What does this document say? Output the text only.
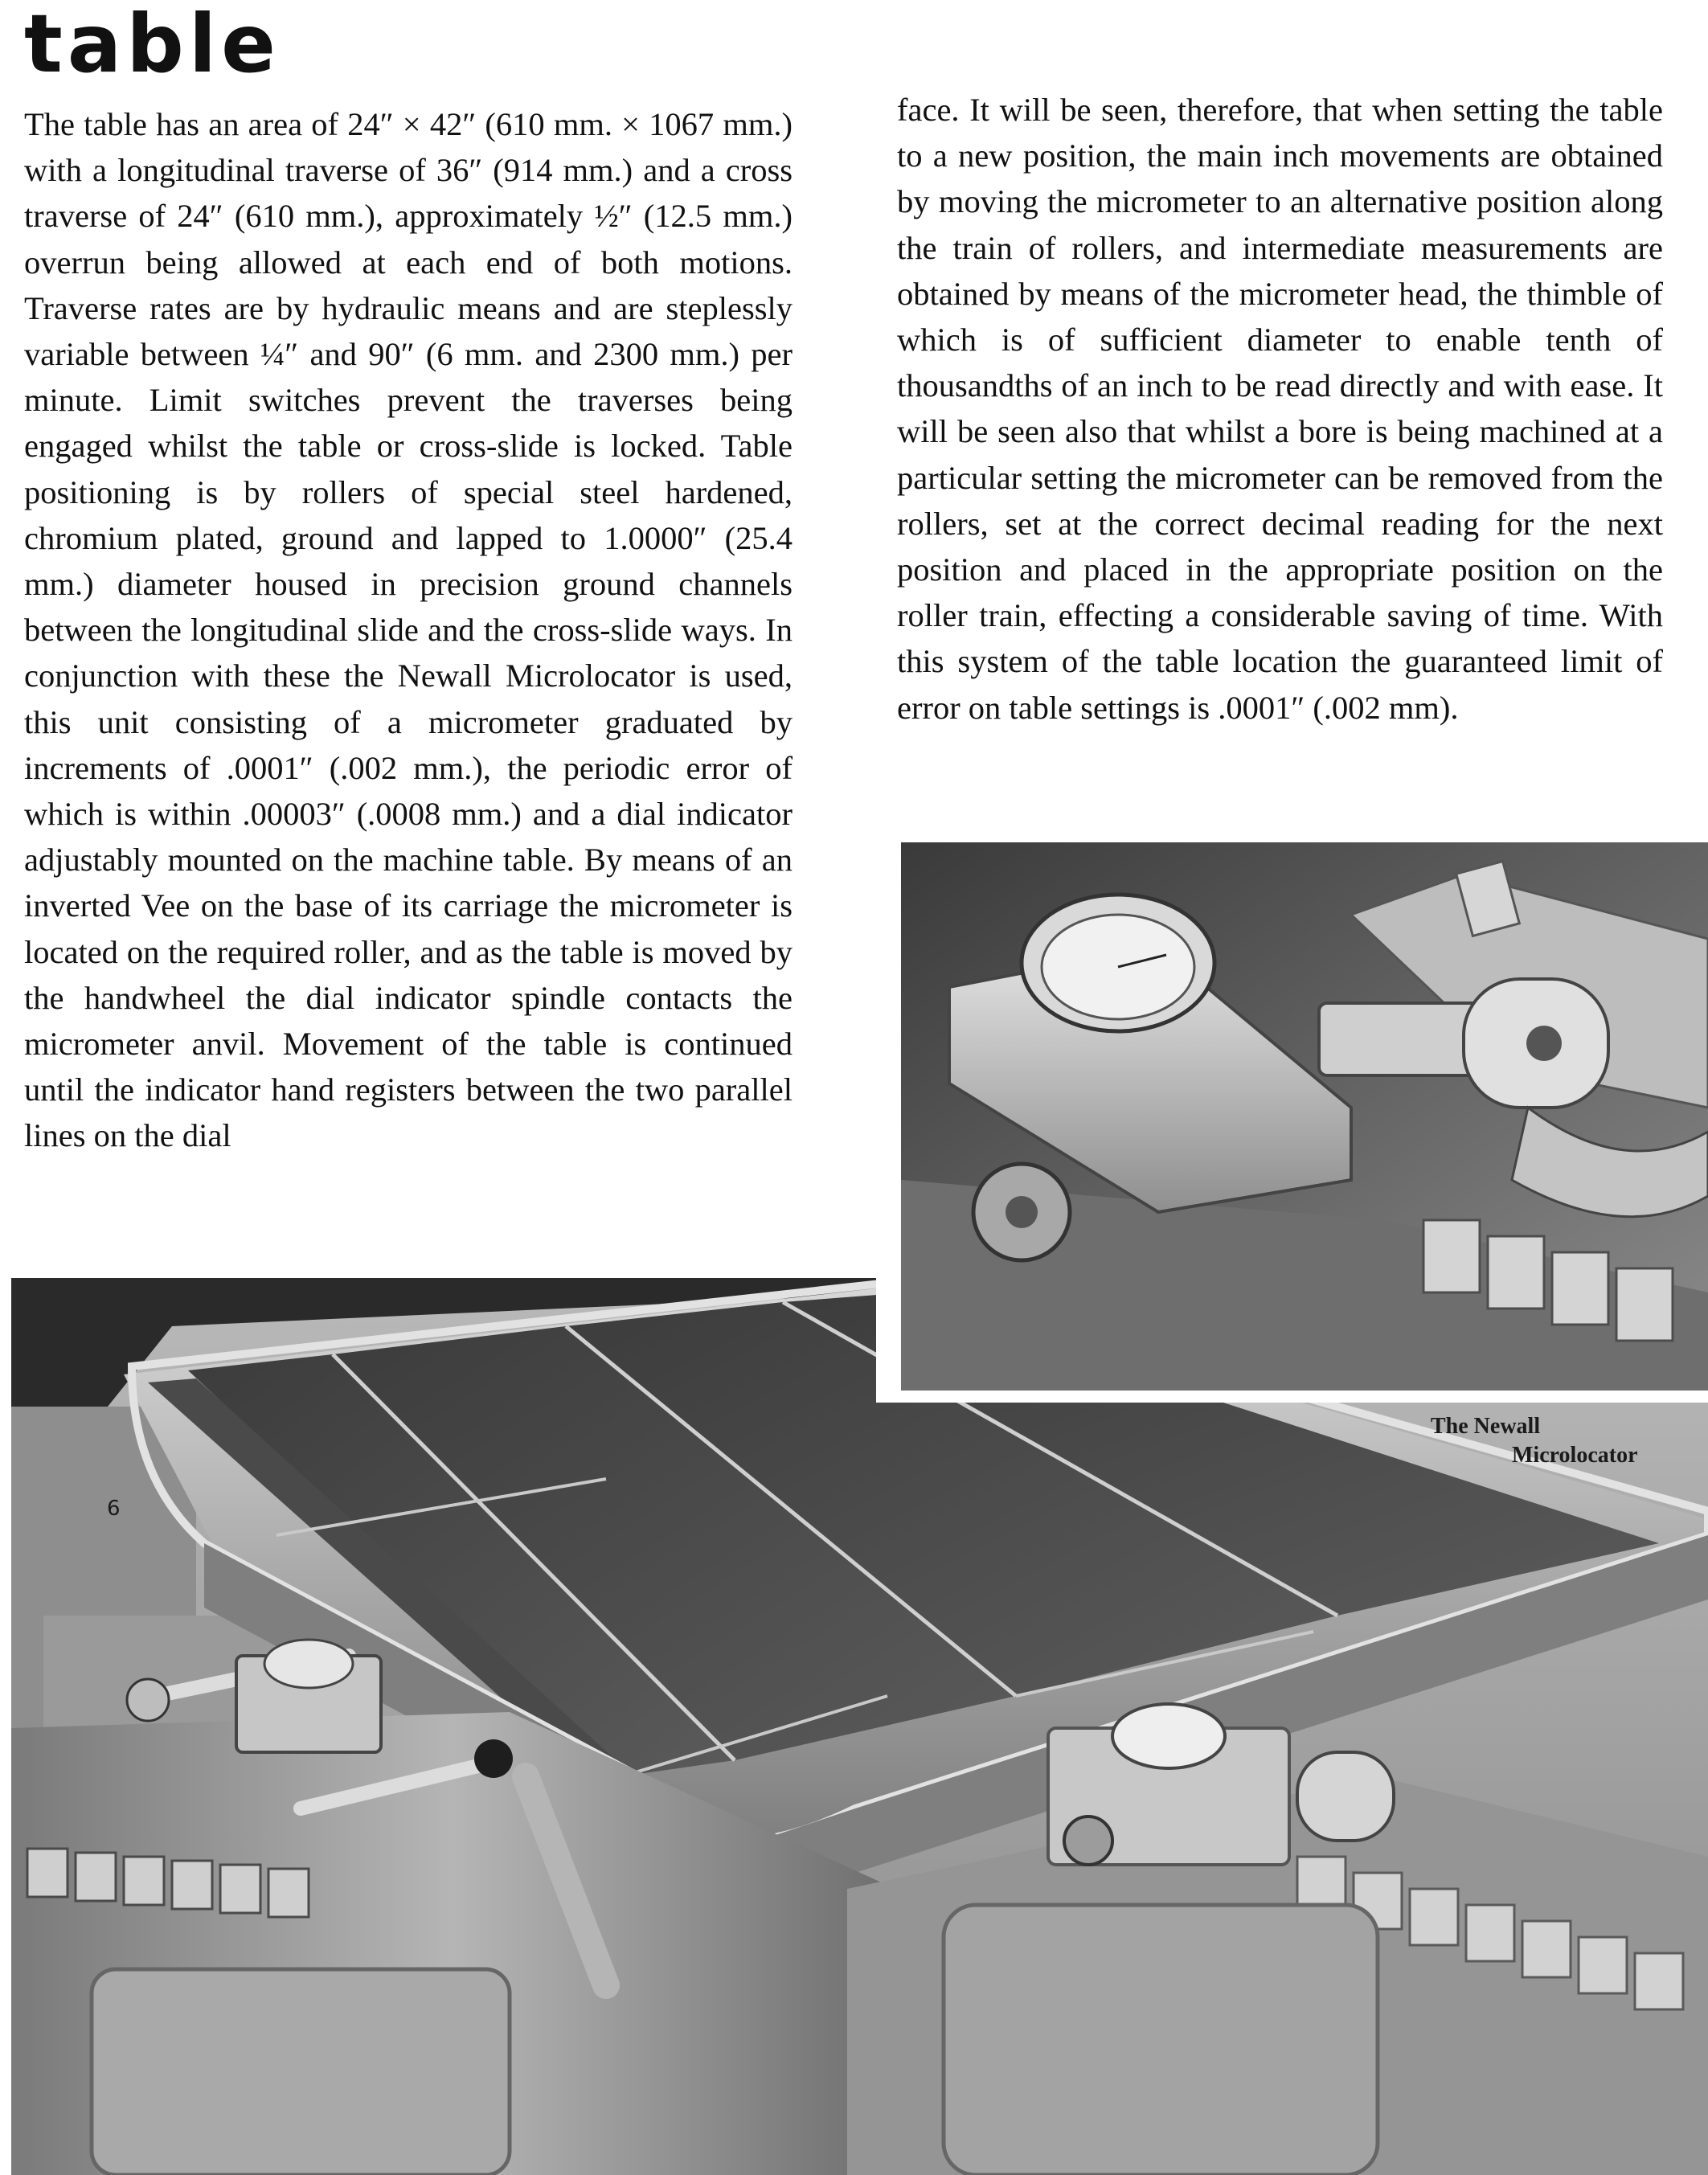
table

The table has an area of 24″ × 42″ (610 mm. × 1067 mm.) with a longitudinal traverse of 36″ (914 mm.) and a cross traverse of 24″ (610 mm.), approximately ½″ (12.5 mm.) overrun being allowed at each end of both motions. Traverse rates are by hydraulic means and are steplessly variable between ¼″ and 90″ (6 mm. and 2300 mm.) per minute. Limit switches prevent the traverses being engaged whilst the table or cross-slide is locked. Table positioning is by rollers of special steel hardened, chromium plated, ground and lapped to 1.0000″ (25.4 mm.) diameter housed in precision ground channels between the longitudinal slide and the cross-slide ways. In conjunction with these the Newall Microlocator is used, this unit consisting of a micrometer graduated by increments of .0001″ (.002 mm.), the periodic error of which is within .00003″ (.0008 mm.) and a dial indicator adjustably mounted on the machine table. By means of an inverted Vee on the base of its carriage the micrometer is located on the required roller, and as the table is moved by the handwheel the dial indicator spindle contacts the micrometer anvil. Movement of the table is continued until the indicator hand registers between the two parallel lines on the dial

face. It will be seen, therefore, that when setting the table to a new position, the main inch movements are obtained by moving the micrometer to an alternative position along the train of rollers, and intermediate measurements are obtained by means of the micrometer head, the thimble of which is of sufficient diameter to enable tenth of thousandths of an inch to be read directly and with ease. It will be seen also that whilst a bore is being machined at a particular setting the micrometer can be removed from the rollers, set at the correct decimal reading for the next position and placed in the appropriate position on the roller train, effecting a considerable saving of time. With this system of the table location the guaranteed limit of error on table settings is .0001″ (.002 mm).

The Newall
Microlocator

6
